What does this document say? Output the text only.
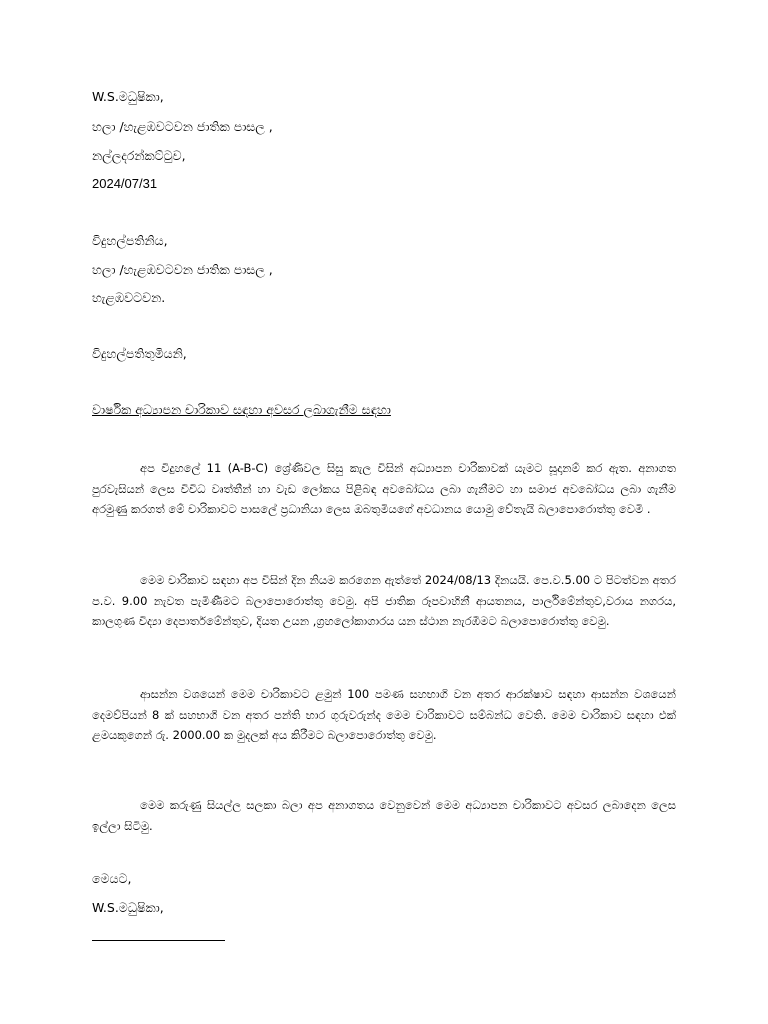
W.S.මධුෂිකා,
හලා /හැළඹවටවන ජාතික පාසල ,
නල්ලදරන්කට්ටුව,
2024/07/31
විදුහල්පතිනිය,
හලා /හැළඹවටවන ජාතික පාසල ,
හැළඹවටවන.
විදුහල්පතිතුමියනි,
වාර්ෂික අධ්‍යාපන චාරිකාව සඳහා අවසර ලබාගැනීම සඳහා

අප විදුහලේ 11 (A-B-C) ශ්‍රේණිවල සිසු කැල විසින් අධ්‍යාපන චාරිකාවක් යැමට සූදානම් කර ඇත. අනාගත පුරවැසියන් ලෙස විවිධ වෘත්තීන් හා වැඩ ලෝකය පිළිබඳ අවබෝධය ලබා ගැනීමට හා සමාජ අවබෝධය ලබා ගැනීම අරමුණු කරගත් මේ චාරිකාවට පාසලේ ප්‍රධානියා ලෙස ඔබතුමියගේ අවධානය යොමු වේතැයි බලාපොරොත්තු වෙමි .

මෙම චාරිකාව සඳහා අප විසින් දින නියම කරගෙන ඇත්තේ 2024/08/13 දිනයයි. පෙ.ව.5.00 ට පිටත්වන අතර ප.ව. 9.00 නැවත පැමිණීමට බලාපොරොත්තු වෙමු. අපි ජාතික රූපවාහිනී ආයතනය, පාර්ලිමේන්තුව,වරාය නගරය, කාලගුණ විද්‍යා දෙපාර්තමේන්තුව, දියත උයන ,ග්‍රහලෝකාගාරය යන ස්ථාන නැරඹීමට බලාපොරොත්තු වෙමු.

ආසන්න වශයෙන් මෙම චාරිකාවට ළමුන් 100 පමණ සහභාගි වන අතර ආරක්ෂාව සඳහා ආසන්න වශයෙන් දෙමව්පියන් 8 ක් සහභාගි වන අතර පන්ති භාර ගුරුවරුන්ද මෙම චාරිකාවට සම්බන්ධ වෙති. මෙම චාරිකාව සඳහා එක් ළමයකුගෙන් රු. 2000.00 ක මුදලක් අය කිරීමට බලාපොරොත්තු වෙමු.

මෙම කරුණු සියල්ල සලකා බලා අප අනාගතය වෙනුවෙන් මෙම අධ්‍යාපන චාරිකාවට අවසර ලබාදෙන ලෙස ඉල්ලා සිටිමු.

මෙයට,
W.S.මධුෂිකා,
